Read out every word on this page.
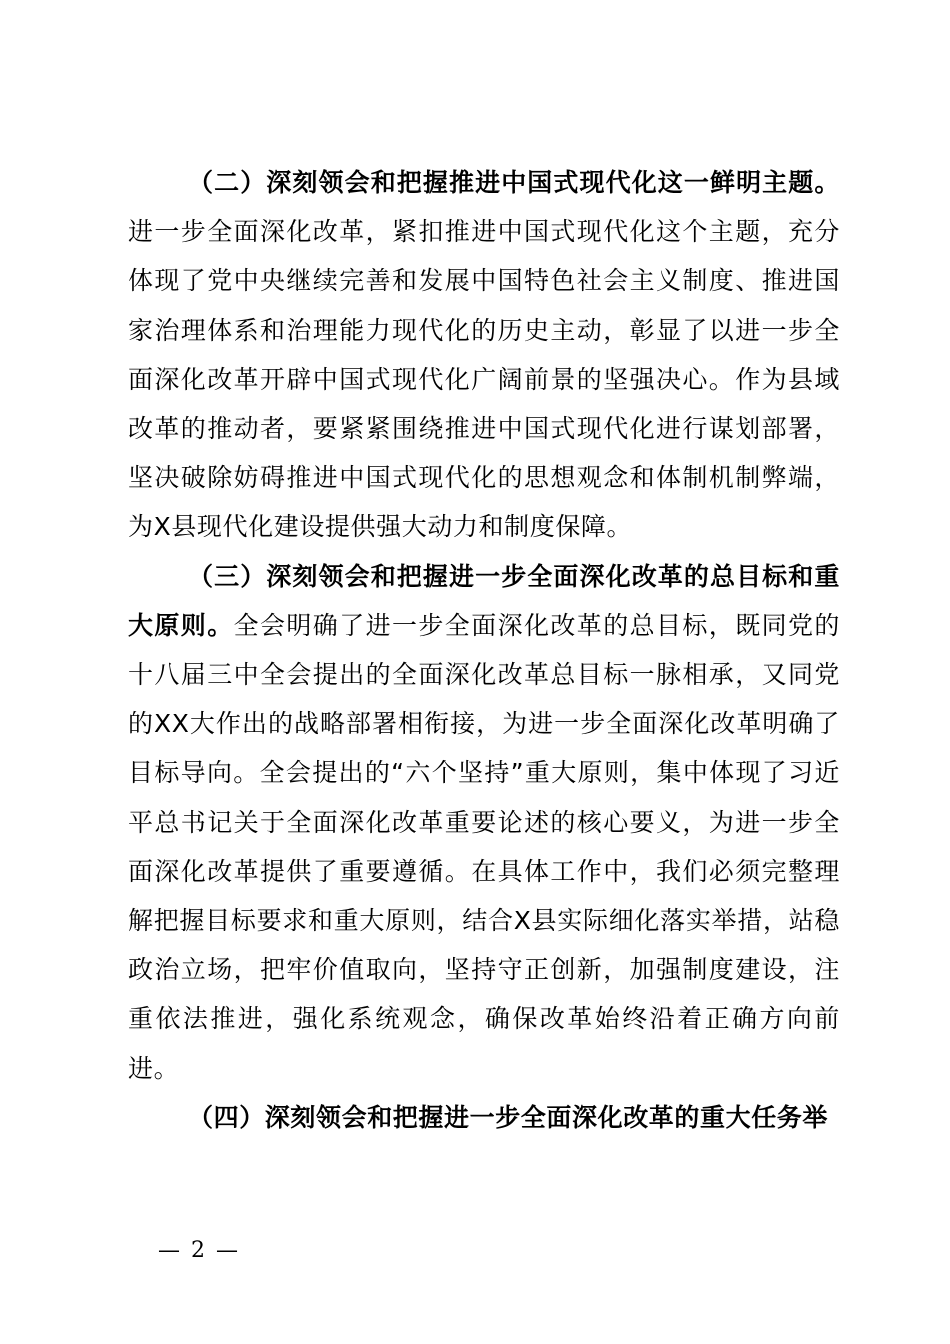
（二）深刻领会和把握推进中国式现代化这一鲜明主题。进一步全面深化改革，紧扣推进中国式现代化这个主题，充分体现了党中央继续完善和发展中国特色社会主义制度、推进国家治理体系和治理能力现代化的历史主动，彰显了以进一步全面深化改革开辟中国式现代化广阔前景的坚强决心。作为县域改革的推动者，要紧紧围绕推进中国式现代化进行谋划部署，坚决破除妨碍推进中国式现代化的思想观念和体制机制弊端，为X县现代化建设提供强大动力和制度保障。

（三）深刻领会和把握进一步全面深化改革的总目标和重大原则。全会明确了进一步全面深化改革的总目标，既同党的十八届三中全会提出的全面深化改革总目标一脉相承，又同党的XX大作出的战略部署相衔接，为进一步全面深化改革明确了目标导向。全会提出的“六个坚持”重大原则，集中体现了习近平总书记关于全面深化改革重要论述的核心要义，为进一步全面深化改革提供了重要遵循。在具体工作中，我们必须完整理解把握目标要求和重大原则，结合X县实际细化落实举措，站稳政治立场，把牢价值取向，坚持守正创新，加强制度建设，注重依法推进，强化系统观念，确保改革始终沿着正确方向前进。

（四）深刻领会和把握进一步全面深化改革的重大任务举

— 2 —
